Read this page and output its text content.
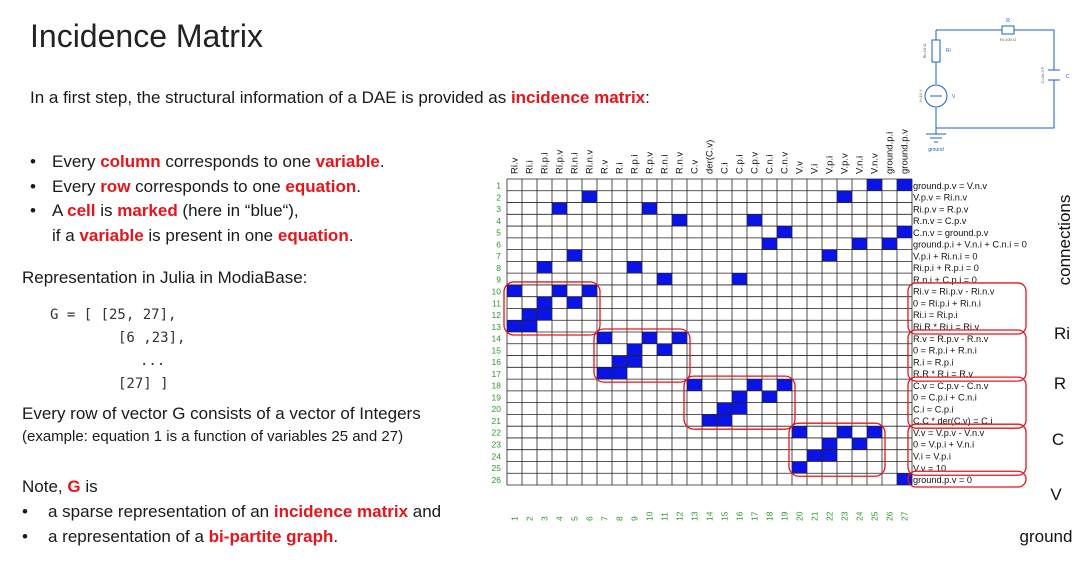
Incidence Matrix
In a first step, the structural information of a DAE is provided as incidence matrix:
• Every column corresponds to one variable.
• Every row corresponds to one equation.
• A cell is marked (here in “blue“),
if a variable is present in one equation.
Representation in Julia in ModiaBase:
G = [ [25, 27],
[6 ,23],
...
[27] ]
Every row of vector G consists of a vector of Integers
(example: equation 1 is a function of variables 25 and 27)
Note, G is
• a sparse representation of an incidence matrix and
• a representation of a bi-partite graph.
Ri.v Ri.i Ri.p.i Ri.p.v Ri.n.i Ri.n.v R.v R.i R.p.i R.p.v R.n.i R.n.v C.v der(C.v) C.i C.p.i C.p.v C.n.i C.n.v V.v V.i V.p.i V.p.v V.n.i V.n.v ground.p.i ground.p.v
1
2
3
4
5
6
7
8
9
10
11
12
13
14
15
16
17
18
19
20
21
22
23
24
25
26
1 2 3 4 5 6 7 8 9 10 11 12 13 14 15 16 17 18 19 20 21 22 23 24 25 26 27
ground.p.v = V.n.v
V.p.v = Ri.n.v
Ri.p.v = R.p.v
R.n.v = C.p.v
C.n.v = ground.p.v
ground.p.i + V.n.i + C.n.i = 0
V.p.i + Ri.n.i = 0
Ri.p.i + R.p.i = 0
R.n.i + C.p.i = 0
Ri.v = Ri.p.v - Ri.n.v
0 = Ri.p.i + Ri.n.i
Ri.i = Ri.p.i
Ri.R * Ri.i = Ri.v
R.v = R.p.v - R.n.v
0 = R.p.i + R.n.i
R.i = R.p.i
R.R * R.i = R.v
C.v = C.p.v - C.n.v
0 = C.p.i + C.n.i
C.i = C.p.i
C.C * der(C.v) = C.i
V.v = V.p.v - V.n.v
0 = V.p.i + V.n.i
V.i = V.p.i
V.v = 10
ground.p.v = 0
connections
Ri
R
C
V
ground
R
R=100 Ω
Ri
Ri=10 Ω
C
C=2e-3 F
V
V=10 V
ground
